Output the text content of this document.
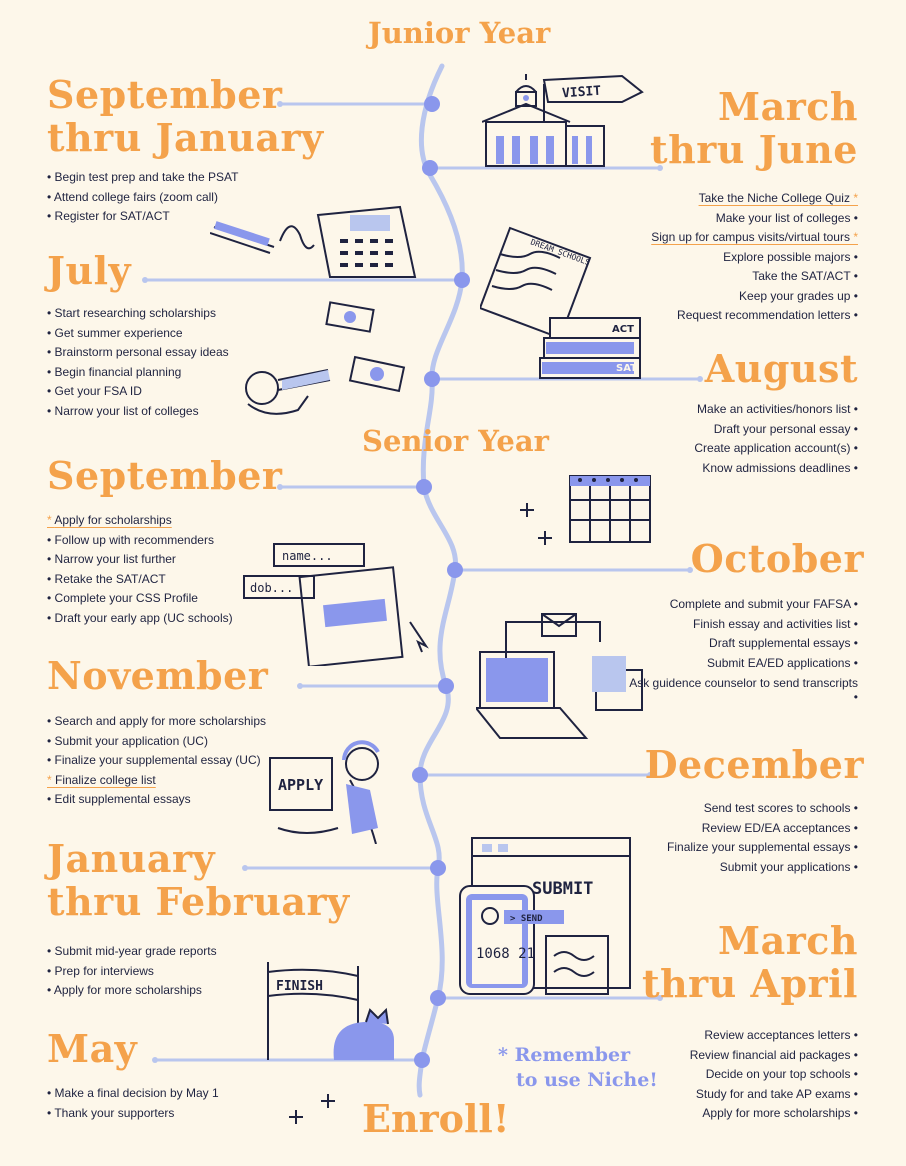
Junior Year
Senior Year
Enroll!
September
thru January
• Begin test prep and take the PSAT
• Attend college fairs (zoom call)
• Register for SAT/ACT
March
thru June
Take the Niche College Quiz *
Make your list of colleges •
Sign up for campus visits/virtual tours *
Explore possible majors •
Take the SAT/ACT •
Keep your grades up •
Request recommendation letters •
July
• Start researching scholarships
• Get summer experience
• Brainstorm personal essay ideas
• Begin financial planning
• Get your FSA ID
• Narrow your list of colleges
August
Make an activities/honors list •
Draft your personal essay •
Create application account(s) •
Know admissions deadlines •
September
* Apply for scholarships
• Follow up with recommenders
• Narrow your list further
• Retake the SAT/ACT
• Complete your CSS Profile
• Draft your early app (UC schools)
October
Complete and submit your FAFSA •
Finish essay and activities list •
Draft supplemental essays •
Submit EA/ED applications •
Ask guidence counselor to send transcripts •
November
• Search and apply for more scholarships
• Submit your application (UC)
• Finalize your supplemental essay (UC)
* Finalize college list
• Edit supplemental essays
December
Send test scores to schools •
Review ED/EA acceptances •
Finalize your supplemental essays •
Submit your applications •
January
thru February
• Submit mid-year grade reports
• Prep for interviews
• Apply for more scholarships
March
thru April
Review acceptances letters •
Review financial aid packages •
Decide on your top schools •
Study for and take AP exams •
Apply for more scholarships •
May
• Make a final decision by May 1
• Thank your supporters
* Remember
to use Niche!
VISIT
DREAM SCHOOLS
ACT
SAT
name...
dob...
APPLY
SUBMIT
> SEND
1068 21
FINISH
